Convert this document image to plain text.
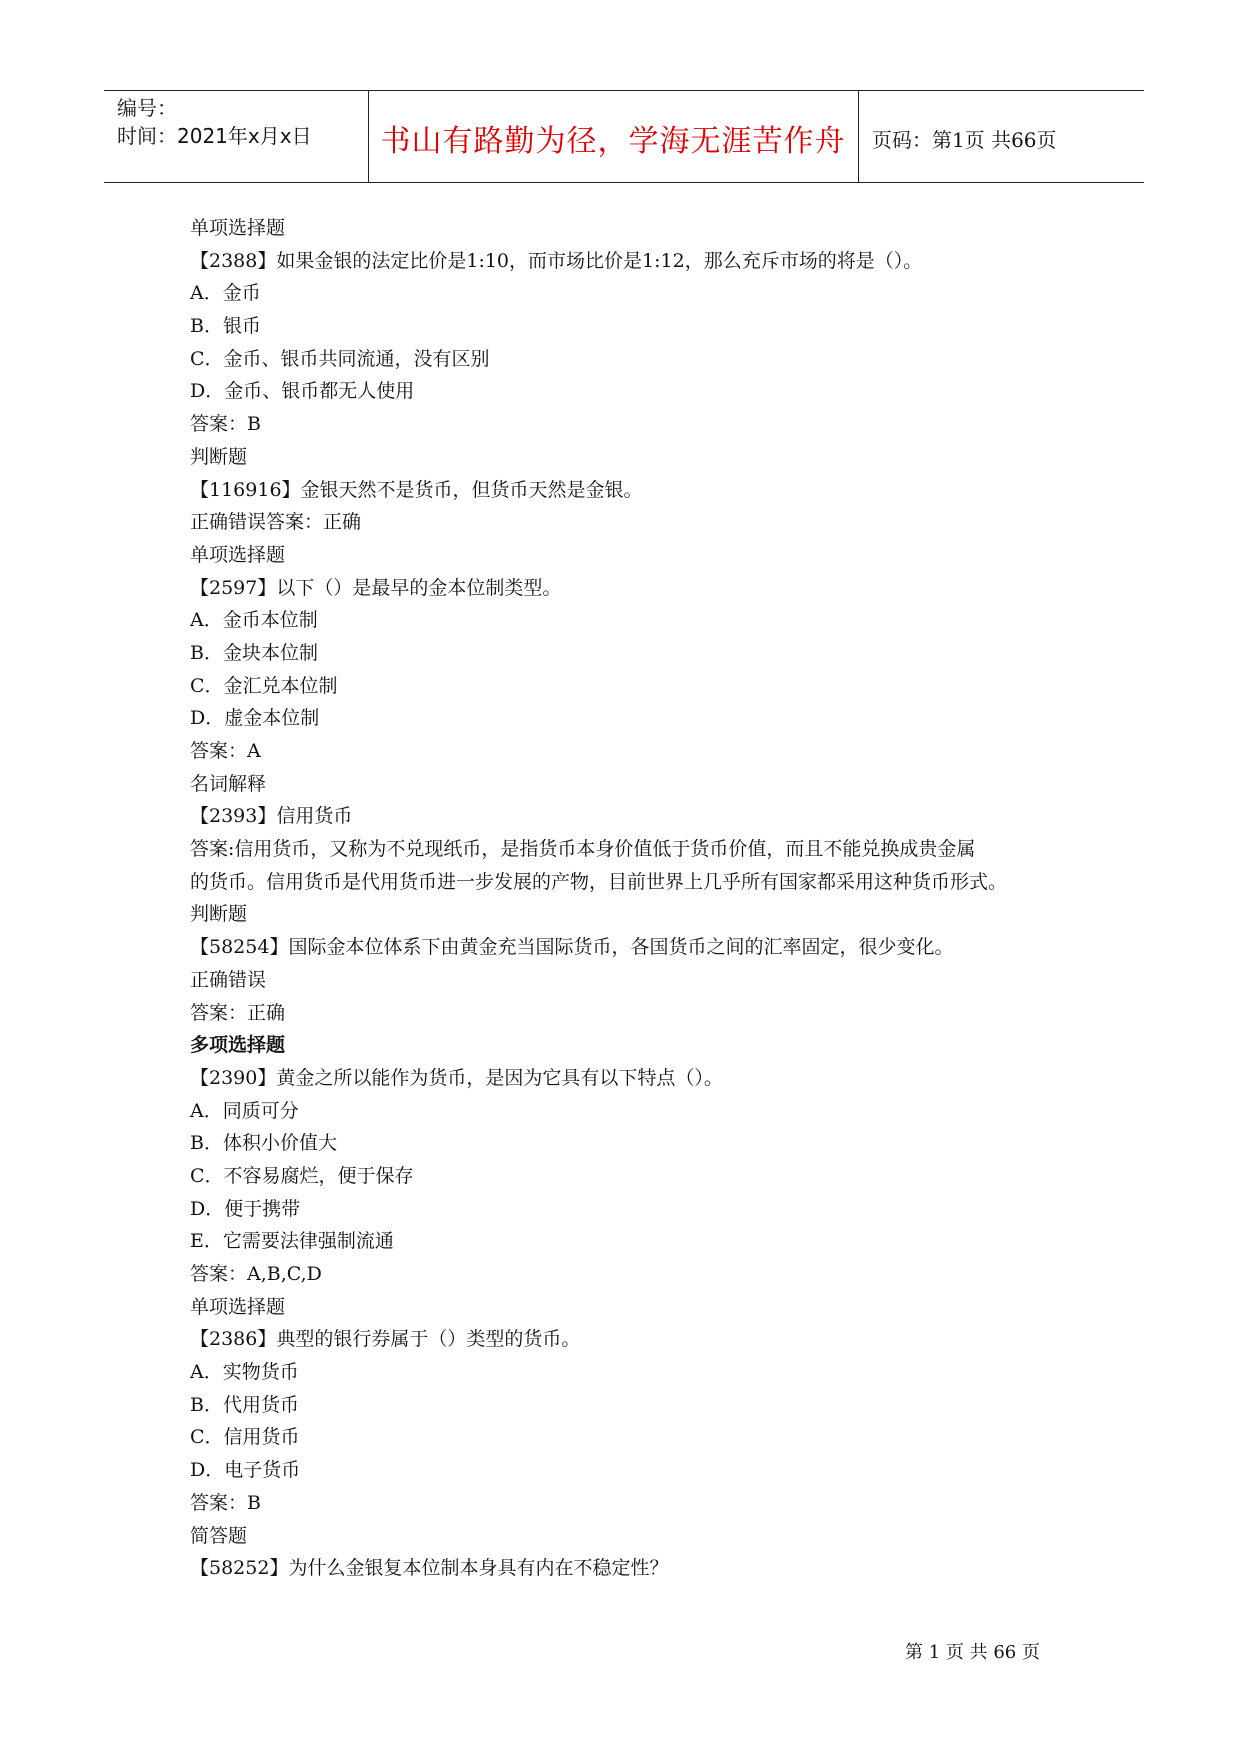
编号：
时间：2021年x月x日	书山有路勤为径，学海无涯苦作舟	页码：第1页 共66页
单项选择题
【2388】如果金银的法定比价是1:10，而市场比价是1:12，那么充斥市场的将是（）。
A．金币
B．银币
C．金币、银币共同流通，没有区别
D．金币、银币都无人使用
答案：B
判断题
【116916】金银天然不是货币，但货币天然是金银。
正确错误答案：正确
单项选择题
【2597】以下（）是最早的金本位制类型。
A．金币本位制
B．金块本位制
C．金汇兑本位制
D．虚金本位制
答案：A
名词解释
【2393】信用货币
答案:信用货币，又称为不兑现纸币，是指货币本身价值低于货币价值，而且不能兑换成贵金属
的货币。信用货币是代用货币进一步发展的产物，目前世界上几乎所有国家都采用这种货币形式。
判断题
【58254】国际金本位体系下由黄金充当国际货币，各国货币之间的汇率固定，很少变化。
正确错误
答案：正确
多项选择题
【2390】黄金之所以能作为货币，是因为它具有以下特点（）。
A．同质可分
B．体积小价值大
C．不容易腐烂，便于保存
D．便于携带
E．它需要法律强制流通
答案：A,B,C,D
单项选择题
【2386】典型的银行券属于（）类型的货币。
A．实物货币
B．代用货币
C．信用货币
D．电子货币
答案：B
简答题
【58252】为什么金银复本位制本身具有内在不稳定性？
第 1 页 共 66 页
